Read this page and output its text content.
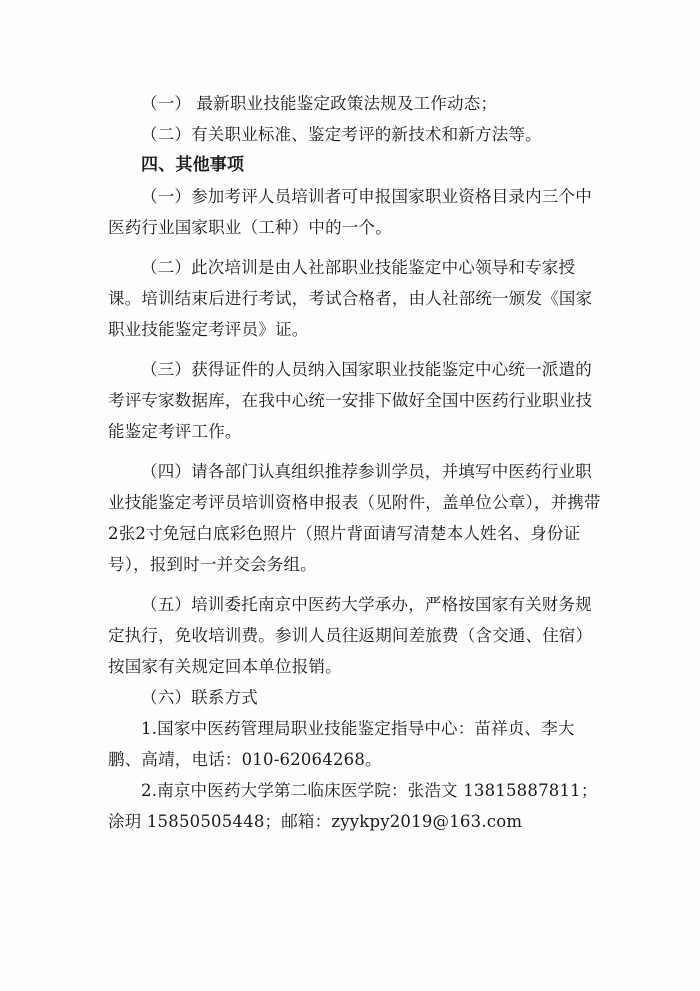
（一） 最新职业技能鉴定政策法规及工作动态；

（二）有关职业标准、鉴定考评的新技术和新方法等。

四、其他事项

（一）参加考评人员培训者可申报国家职业资格目录内三个中医药行业国家职业（工种）中的一个。

（二）此次培训是由人社部职业技能鉴定中心领导和专家授课。培训结束后进行考试，考试合格者，由人社部统一颁发《国家职业技能鉴定考评员》证。

（三）获得证件的人员纳入国家职业技能鉴定中心统一派遣的考评专家数据库，在我中心统一安排下做好全国中医药行业职业技能鉴定考评工作。

（四）请各部门认真组织推荐参训学员，并填写中医药行业职业技能鉴定考评员培训资格申报表（见附件，盖单位公章），并携带2张2寸免冠白底彩色照片（照片背面请写清楚本人姓名、身份证号），报到时一并交会务组。

（五）培训委托南京中医药大学承办，严格按国家有关财务规定执行，免收培训费。参训人员往返期间差旅费（含交通、住宿）按国家有关规定回本单位报销。

（六）联系方式

1.国家中医药管理局职业技能鉴定指导中心：苗祥贞、李大鹏、高靖，电话：010-62064268。

2.南京中医药大学第二临床医学院：张浩文 13815887811；涂玥 15850505448；邮箱：zyykpy2019@163.com
